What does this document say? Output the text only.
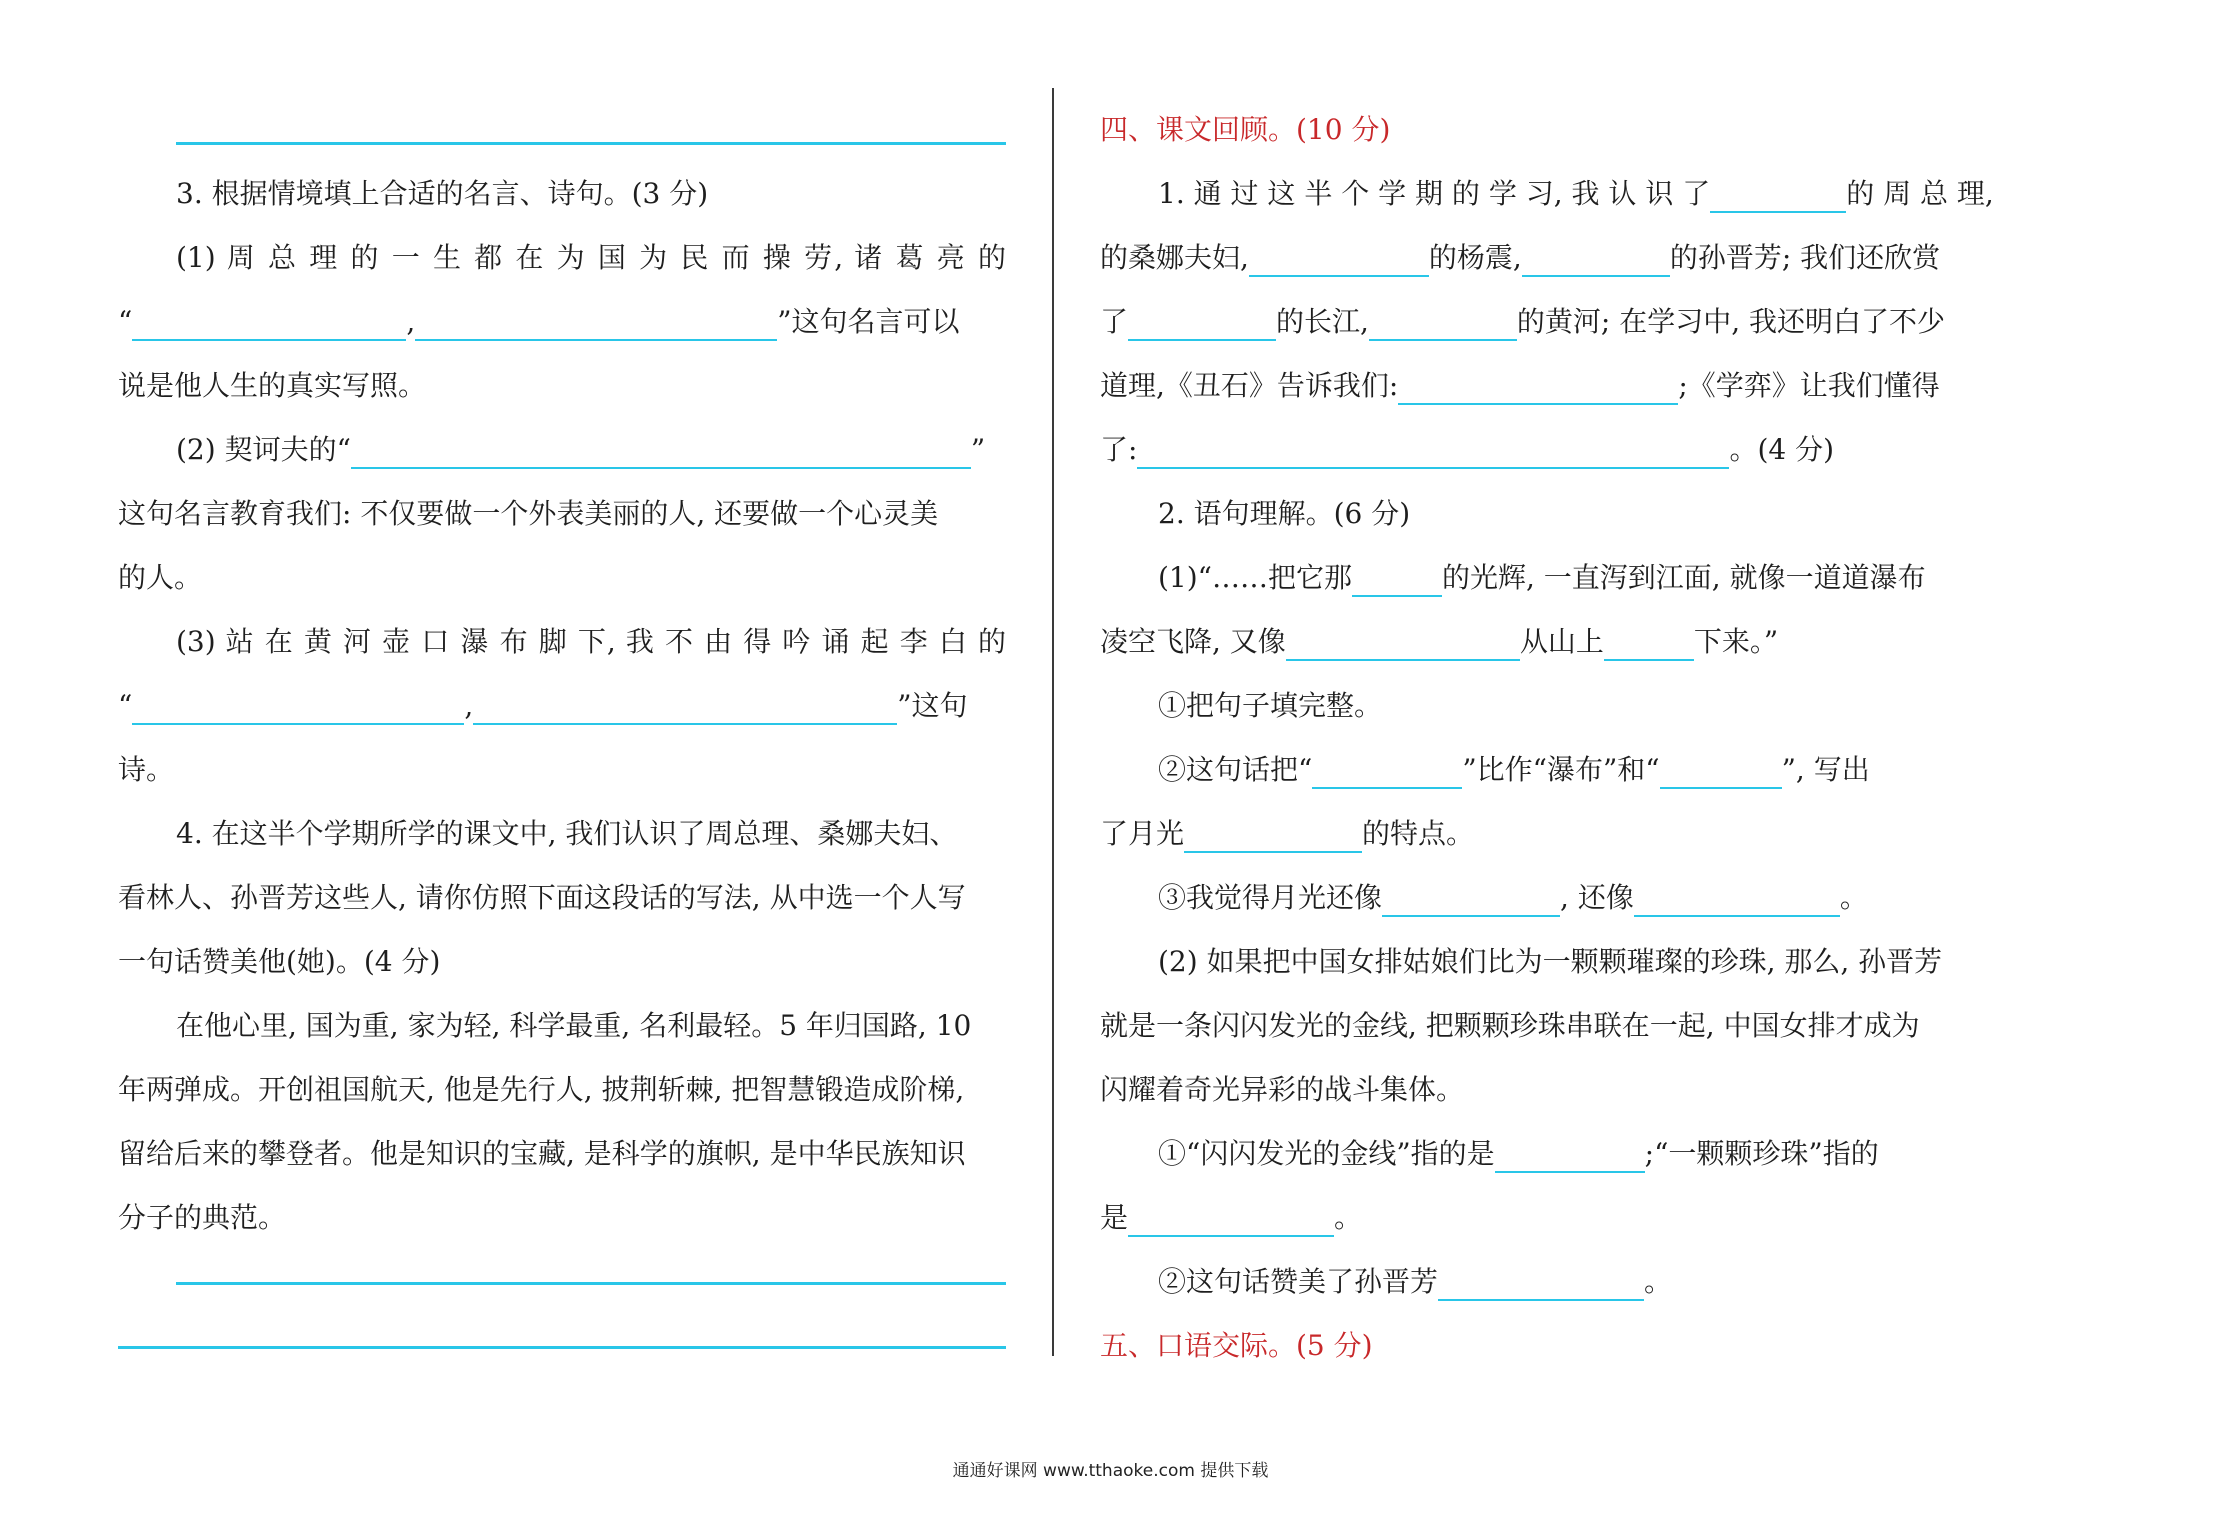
3. 根据情境填上合适的名言、诗句。(3 分)
(1) 周 总 理 的 一 生 都 在 为 国 为 民 而 操 劳, 诸 葛 亮 的
“	,	”这句名言可以
说是他人生的真实写照。
(2) 契诃夫的“	”
这句名言教育我们: 不仅要做一个外表美丽的人, 还要做一个心灵美
的人。
(3) 站 在 黄 河 壶 口 瀑 布 脚 下, 我 不 由 得 吟 诵 起 李 白 的
“	,	”这句
诗。
4. 在这半个学期所学的课文中, 我们认识了周总理、桑娜夫妇、
看林人、孙晋芳这些人, 请你仿照下面这段话的写法, 从中选一个人写
一句话赞美他(她)。(4 分)
在他心里, 国为重, 家为轻, 科学最重, 名利最轻。5 年归国路, 10
年两弹成。开创祖国航天, 他是先行人, 披荆斩棘, 把智慧锻造成阶梯,
留给后来的攀登者。他是知识的宝藏, 是科学的旗帜, 是中华民族知识
分子的典范。
四、课文回顾。(10 分)
1. 通 过 这 半 个 学 期 的 学 习, 我 认 识 了	的 周 总 理,
的桑娜夫妇,	的杨震,	的孙晋芳; 我们还欣赏
了	的长江,	的黄河; 在学习中, 我还明白了不少
道理,《丑石》告诉我们:	;《学弈》让我们懂得
了:	。(4 分)
2. 语句理解。(6 分)
(1)“……把它那	的光辉, 一直泻到江面, 就像一道道瀑布
凌空飞降, 又像	从山上	下来。”
①把句子填完整。
②这句话把“	”比作“瀑布”和“	”, 写出
了月光	的特点。
③我觉得月光还像	, 还像	。
(2) 如果把中国女排姑娘们比为一颗颗璀璨的珍珠, 那么, 孙晋芳
就是一条闪闪发光的金线, 把颗颗珍珠串联在一起, 中国女排才成为
闪耀着奇光异彩的战斗集体。
①“闪闪发光的金线”指的是	;“一颗颗珍珠”指的
是	。
②这句话赞美了孙晋芳	。
五、口语交际。(5 分)
通通好课网 www.tthaoke.com 提供下载
